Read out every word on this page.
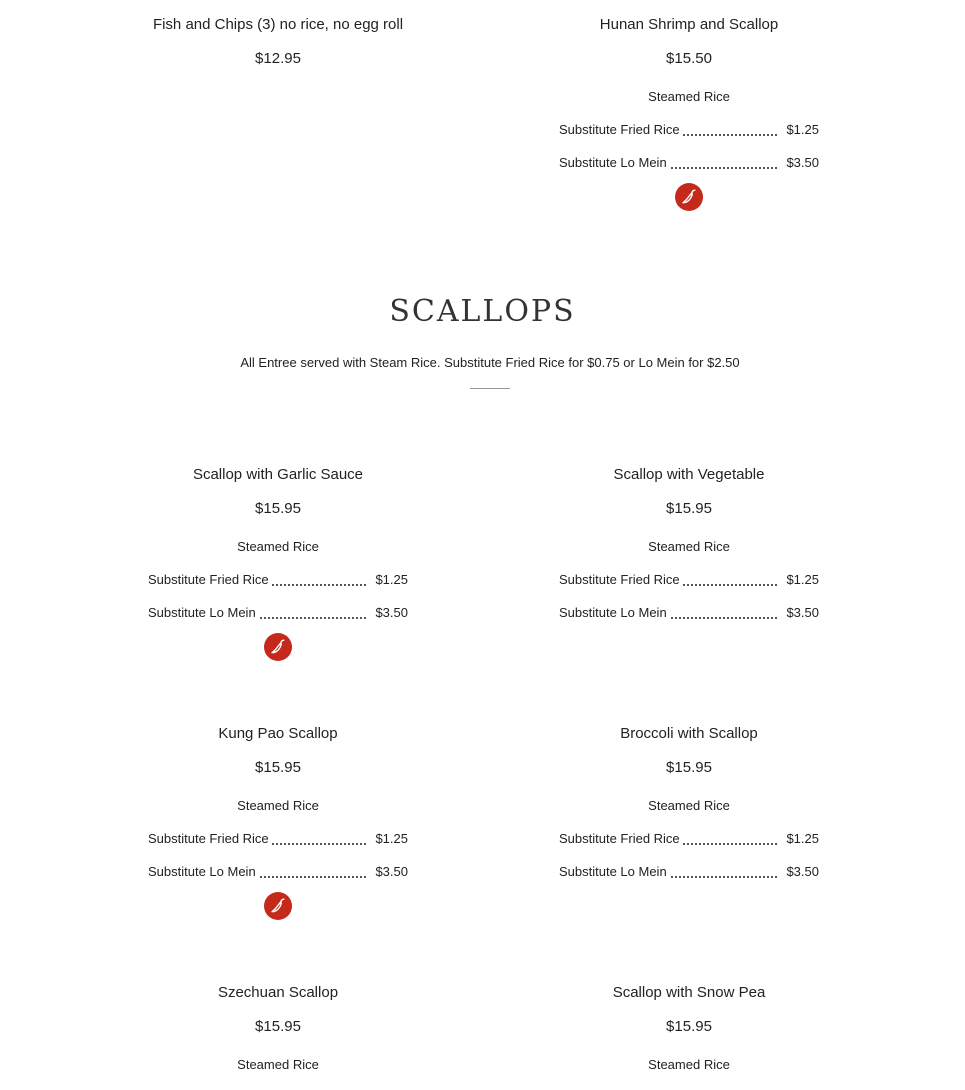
Fish and Chips (3) no rice, no egg roll
$12.95
Hunan Shrimp and Scallop
$15.50
Steamed Rice
Substitute Fried Rice	$1.25
Substitute Lo Mein	$3.50
SCALLOPS
All Entree served with Steam Rice. Substitute Fried Rice for $0.75 or Lo Mein for $2.50
Scallop with Garlic Sauce
$15.95
Steamed Rice
Substitute Fried Rice	$1.25
Substitute Lo Mein	$3.50
Scallop with Vegetable
$15.95
Steamed Rice
Substitute Fried Rice	$1.25
Substitute Lo Mein	$3.50
Kung Pao Scallop
$15.95
Steamed Rice
Substitute Fried Rice	$1.25
Substitute Lo Mein	$3.50
Broccoli with Scallop
$15.95
Steamed Rice
Substitute Fried Rice	$1.25
Substitute Lo Mein	$3.50
Szechuan Scallop
$15.95
Steamed Rice
Scallop with Snow Pea
$15.95
Steamed Rice
